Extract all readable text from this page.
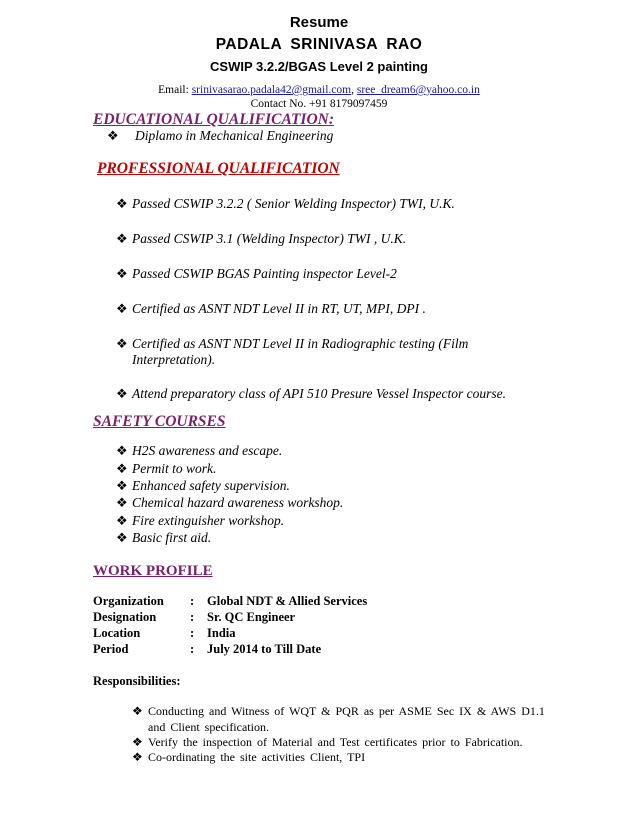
Resume
PADALA SRINIVASA RAO
CSWIP 3.2.2/BGAS Level 2 painting
Email: srinivasarao.padala42@gmail.com, sree_dream6@yahoo.co.in
Contact No. +91 8179097459
EDUCATIONAL QUALIFICATION:
❖ Diplamo in Mechanical Engineering
PROFESSIONAL QUALIFICATION
❖ Passed CSWIP 3.2.2 ( Senior Welding Inspector) TWI, U.K.
❖ Passed CSWIP 3.1 (Welding Inspector) TWI , U.K.
❖ Passed CSWIP BGAS Painting inspector Level-2
❖ Certified as ASNT NDT Level II in RT, UT, MPI, DPI .
❖ Certified as ASNT NDT Level II in Radiographic testing (Film
Interpretation).
❖ Attend preparatory class of API 510 Presure Vessel Inspector course.
SAFETY COURSES
❖ H2S awareness and escape.
❖ Permit to work.
❖ Enhanced safety supervision.
❖ Chemical hazard awareness workshop.
❖ Fire extinguisher workshop.
❖ Basic first aid.
WORK PROFILE
Organization : Global NDT & Allied Services
Designation	: Sr. QC Engineer
Location	: India
Period	: July 2014 to Till Date
Responsibilities:
❖ Conducting and Witness of WQT & PQR as per ASME Sec IX & AWS D1.1
and Client specification.
❖ Verify the inspection of Material and Test certificates prior to Fabrication.
❖ Co-ordinating the site activities Client, TPI
